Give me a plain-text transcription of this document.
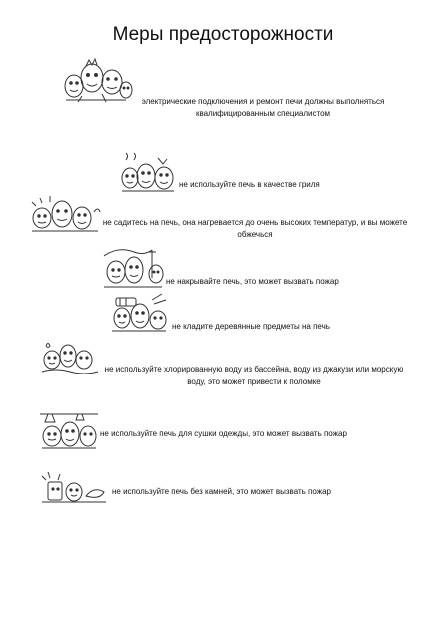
Меры предосторожности
электрические подключения и ремонт печи должны выполняться квалифицированным специалистом
не используйте печь в качестве гриля
не садитесь на печь, она нагревается до очень высоких температур, и вы можете обжечься
не накрывайте печь, это может вызвать пожар
не кладите деревянные предметы на печь
не используйте хлорированную воду из бассейна, воду из джакузи или морскую воду, это может привести к поломке
не используйте печь для сушки одежды, это может вызвать пожар
не используйте печь без камней, это может вызвать пожар
